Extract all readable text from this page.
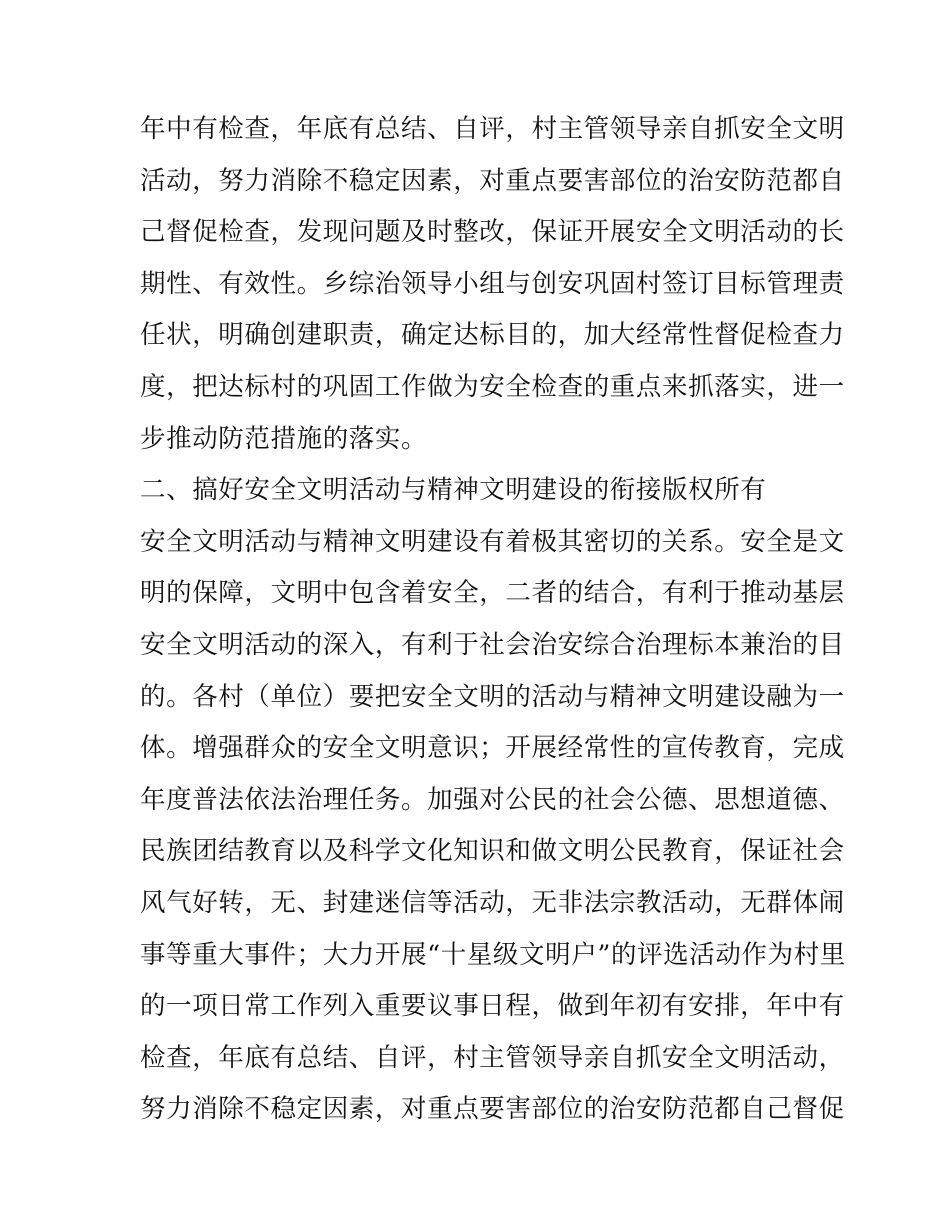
年中有检查，年底有总结、自评，村主管领导亲自抓安全文明
活动，努力消除不稳定因素，对重点要害部位的治安防范都自
己督促检查，发现问题及时整改，保证开展安全文明活动的长
期性、有效性。乡综治领导小组与创安巩固村签订目标管理责
任状，明确创建职责，确定达标目的，加大经常性督促检查力
度，把达标村的巩固工作做为安全检查的重点来抓落实，进一
步推动防范措施的落实。
二、搞好安全文明活动与精神文明建设的衔接版权所有
安全文明活动与精神文明建设有着极其密切的关系。安全是文
明的保障，文明中包含着安全，二者的结合，有利于推动基层
安全文明活动的深入，有利于社会治安综合治理标本兼治的目
的。各村（单位）要把安全文明的活动与精神文明建设融为一
体。增强群众的安全文明意识；开展经常性的宣传教育，完成
年度普法依法治理任务。加强对公民的社会公德、思想道德、
民族团结教育以及科学文化知识和做文明公民教育，保证社会
风气好转，无、封建迷信等活动，无非法宗教活动，无群体闹
事等重大事件；大力开展“十星级文明户”的评选活动作为村里
的一项日常工作列入重要议事日程，做到年初有安排，年中有
检查，年底有总结、自评，村主管领导亲自抓安全文明活动，
努力消除不稳定因素，对重点要害部位的治安防范都自己督促
